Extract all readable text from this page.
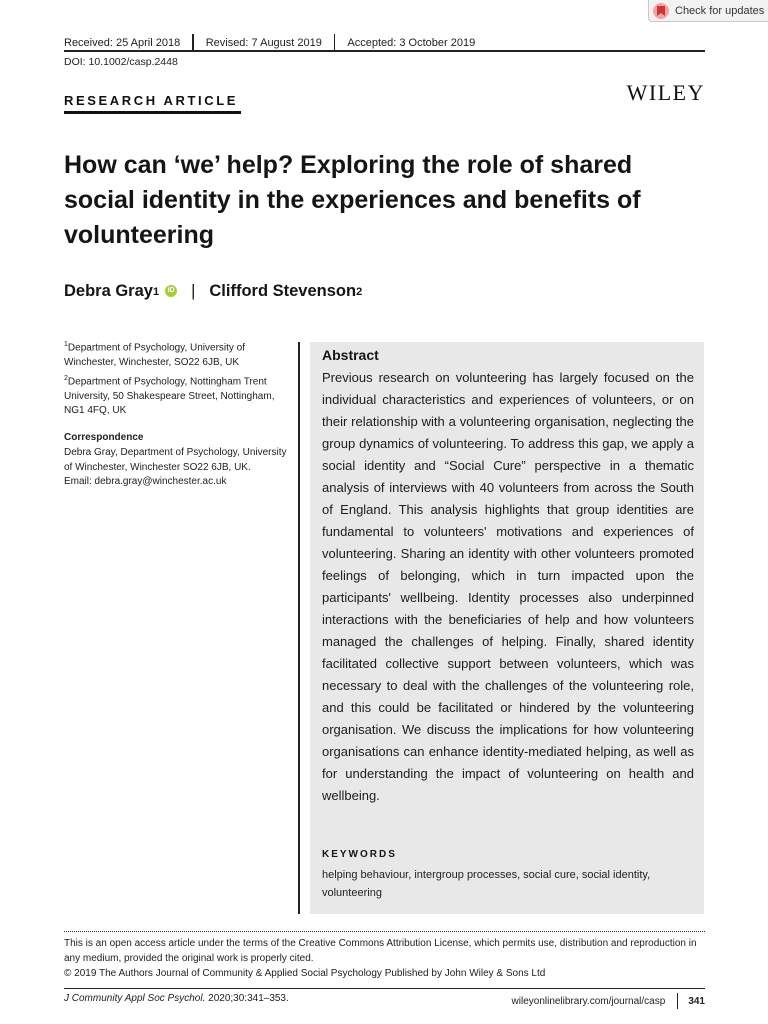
Check for updates
Received: 25 April 2018 Revised: 7 August 2019 Accepted: 3 October 2019
DOI: 10.1002/casp.2448
RESEARCH ARTICLE	WILEY
How can ‘we’ help? Exploring the role of shared social identity in the experiences and benefits of volunteering
Debra Gray 1	iD | Clifford Stevenson 2
$^1$Department of Psychology, University of Winchester, Winchester, SO22 6JB, UK
$^2$Department of Psychology, Nottingham Trent University, 50 Shakespeare Street, Nottingham, NG1 4FQ, UK
Correspondence
Debra Gray, Department of Psychology, University of Winchester, Winchester SO22 6JB, UK.
Email: debra.gray@winchester.ac.uk
Abstract

Previous research on volunteering has largely focused on the individual characteristics and experiences of volunteers, or on their relationship with a volunteering organisation, neglecting the group dynamics of volunteering. To address this gap, we apply a social identity and “Social Cure” perspective in a thematic analysis of interviews with 40 volunteers from across the South of England. This analysis highlights that group identities are fundamental to volunteers' motivations and experiences of volunteering. Sharing an identity with other volunteers promoted feelings of belonging, which in turn impacted upon the participants' wellbeing. Identity processes also underpinned interactions with the beneficiaries of help and how volunteers managed the challenges of helping. Finally, shared identity facilitated collective support between volunteers, which was necessary to deal with the challenges of the volunteering role, and this could be facilitated or hindered by the volunteering organisation. We discuss the implications for how volunteering organisations can enhance identity-mediated helping, as well as for understanding the impact of volunteering on health and wellbeing.

KEYWORDS
helping behaviour, intergroup processes, social cure, social identity, volunteering
This is an open access article under the terms of the Creative Commons Attribution License, which permits use, distribution and reproduction in any medium, provided the original work is properly cited.
© 2019 The Authors Journal of Community & Applied Social Psychology Published by John Wiley & Sons Ltd
J Community Appl Soc Psychol. 2020;30:341–353.	wileyonlinelibrary.com/journal/casp 341
